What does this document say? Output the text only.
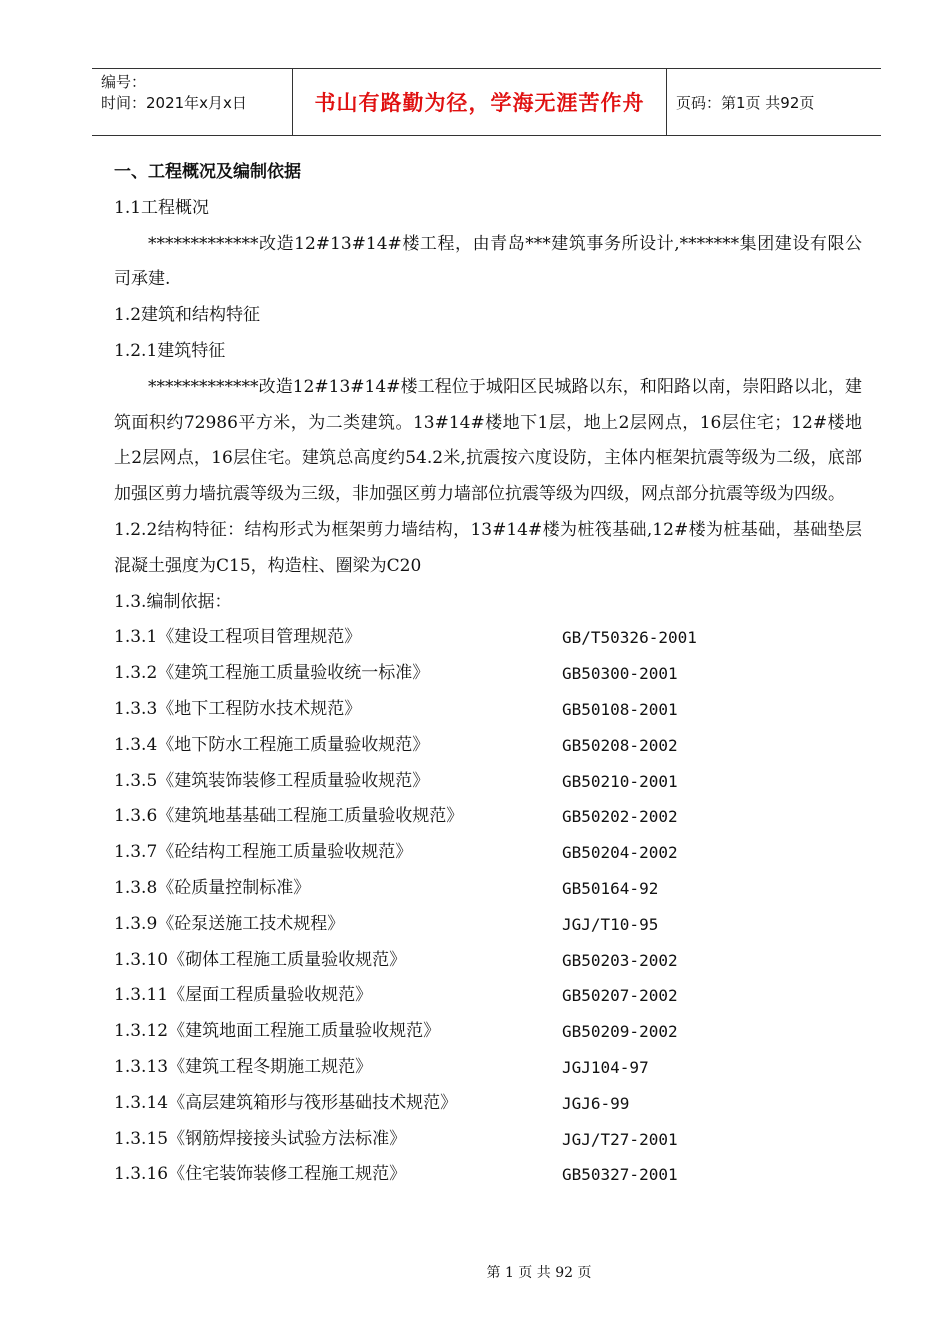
编号：
时间：2021年x月x日	书山有路勤为径，学海无涯苦作舟 页码：第1页 共92页
一、工程概况及编制依据
1.1工程概况
*************改造12#13#14#楼工程，由青岛***建筑事务所设计,*******集团建设有限公司承建.
1.2建筑和结构特征
1.2.1建筑特征
*************改造12#13#14#楼工程位于城阳区民城路以东，和阳路以南，崇阳路以北，建筑面积约72986平方米，为二类建筑。13#14#楼地下1层，地上2层网点，16层住宅；12#楼地上2层网点，16层住宅。建筑总高度约54.2米,抗震按六度设防，主体内框架抗震等级为二级，底部加强区剪力墙抗震等级为三级，非加强区剪力墙部位抗震等级为四级，网点部分抗震等级为四级。
1.2.2结构特征：结构形式为框架剪力墙结构，13#14#楼为桩筏基础,12#楼为桩基础，基础垫层混凝土强度为C15，构造柱、圈梁为C20
1.3.编制依据：
1.3.1《建设工程项目管理规范》	GB/T50326-2001
1.3.2《建筑工程施工质量验收统一标准》	GB50300-2001
1.3.3《地下工程防水技术规范》	GB50108-2001
1.3.4《地下防水工程施工质量验收规范》	GB50208-2002
1.3.5《建筑装饰装修工程质量验收规范》	GB50210-2001
1.3.6《建筑地基基础工程施工质量验收规范》	GB50202-2002
1.3.7《砼结构工程施工质量验收规范》	GB50204-2002
1.3.8《砼质量控制标准》	GB50164-92
1.3.9《砼泵送施工技术规程》	JGJ/T10-95
1.3.10《砌体工程施工质量验收规范》	GB50203-2002
1.3.11《屋面工程质量验收规范》	GB50207-2002
1.3.12《建筑地面工程施工质量验收规范》	GB50209-2002
1.3.13《建筑工程冬期施工规范》	JGJ104-97
1.3.14《高层建筑箱形与筏形基础技术规范》	JGJ6-99
1.3.15《钢筋焊接接头试验方法标准》	JGJ/T27-2001
1.3.16《住宅装饰装修工程施工规范》	GB50327-2001
第 1 页 共 92 页
